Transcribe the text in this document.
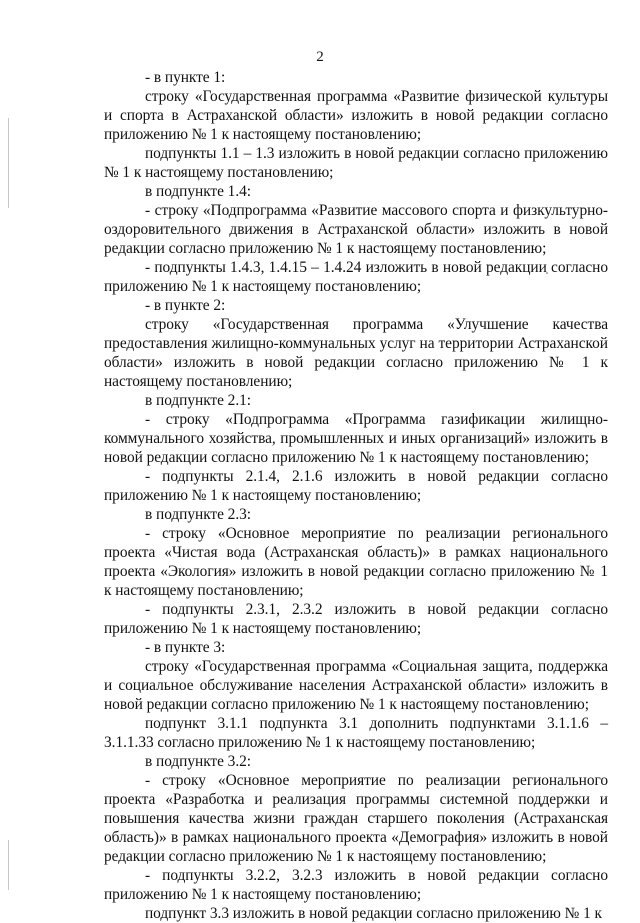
2

- в пункте 1:

строку «Государственная программа «Развитие физической культуры и спорта в Астраханской области» изложить в новой редакции согласно приложению № 1 к настоящему постановлению;

подпункты 1.1 – 1.3 изложить в новой редакции согласно приложению № 1 к настоящему постановлению;

в подпункте 1.4:

- строку «Подпрограмма «Развитие массового спорта и физкультурно-оздоровительного движения в Астраханской области» изложить в новой редакции согласно приложению № 1 к настоящему постановлению;

- подпункты 1.4.3, 1.4.15 – 1.4.24 изложить в новой редакции согласно приложению № 1 к настоящему постановлению;

- в пункте 2:

строку «Государственная программа «Улучшение качества предоставления жилищно-коммунальных услуг на территории Астраханской области» изложить в новой редакции согласно приложению № 1 к настоящему постановлению;

в подпункте 2.1:

- строку «Подпрограмма «Программа газификации жилищно-коммунального хозяйства, промышленных и иных организаций» изложить в новой редакции согласно приложению № 1 к настоящему постановлению;

- подпункты 2.1.4, 2.1.6 изложить в новой редакции согласно приложению № 1 к настоящему постановлению;

в подпункте 2.3:

- строку «Основное мероприятие по реализации регионального проекта «Чистая вода (Астраханская область)» в рамках национального проекта «Экология» изложить в новой редакции согласно приложению № 1 к настоящему постановлению;

- подпункты 2.3.1, 2.3.2 изложить в новой редакции согласно приложению № 1 к настоящему постановлению;

- в пункте 3:

строку «Государственная программа «Социальная защита, поддержка и социальное обслуживание населения Астраханской области» изложить в новой редакции согласно приложению № 1 к настоящему постановлению;

подпункт 3.1.1 подпункта 3.1 дополнить подпунктами 3.1.1.6 – 3.1.1.33 согласно приложению № 1 к настоящему постановлению;

в подпункте 3.2:

- строку «Основное мероприятие по реализации регионального проекта «Разработка и реализация программы системной поддержки и повышения качества жизни граждан старшего поколения (Астраханская область)» в рамках национального проекта «Демография» изложить в новой редакции согласно приложению № 1 к настоящему постановлению;

- подпункты 3.2.2, 3.2.3 изложить в новой редакции согласно приложению № 1 к настоящему постановлению;

подпункт 3.3 изложить в новой редакции согласно приложению № 1 к
